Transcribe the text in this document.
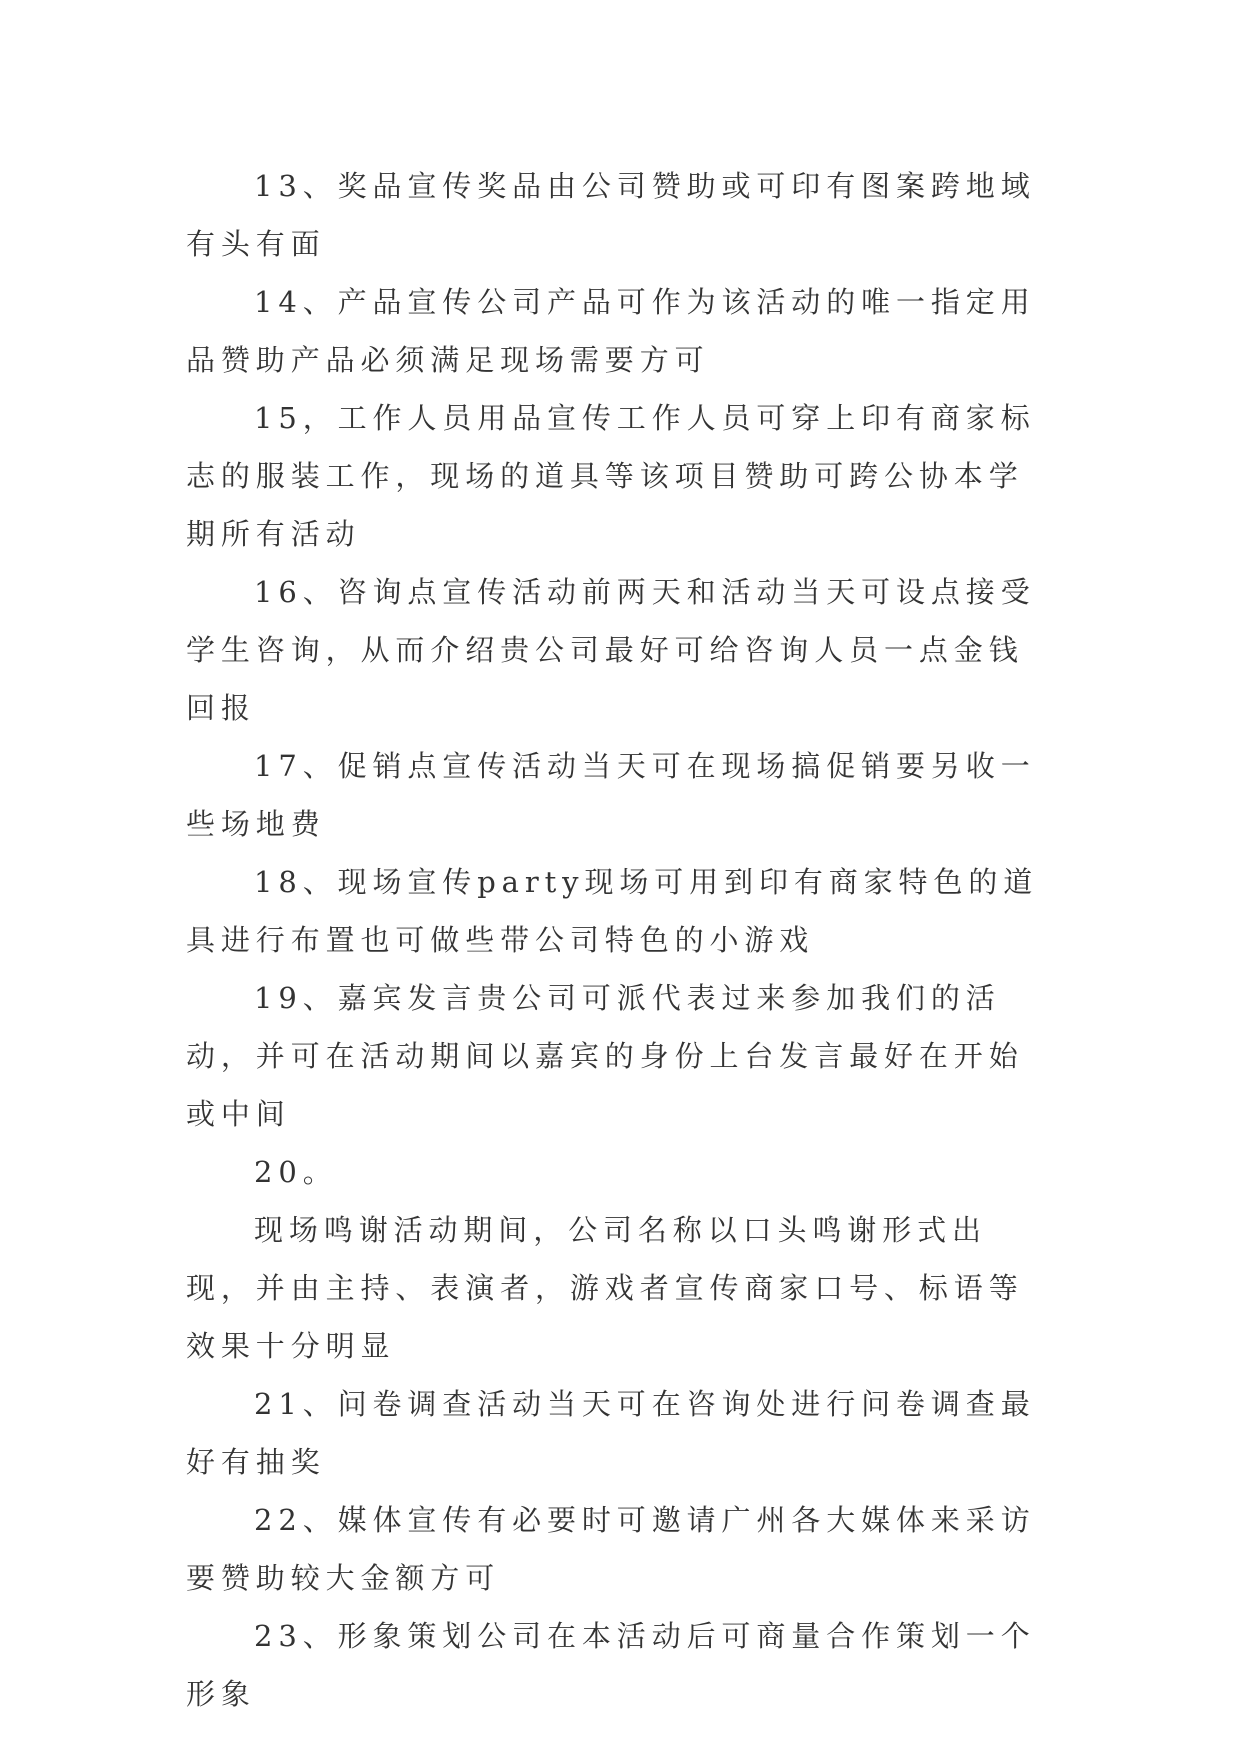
13、奖品宣传奖品由公司赞助或可印有图案跨地域有头有面

14、产品宣传公司产品可作为该活动的唯一指定用品赞助产品必须满足现场需要方可

15，工作人员用品宣传工作人员可穿上印有商家标志的服装工作，现场的道具等该项目赞助可跨公协本学期所有活动

16、咨询点宣传活动前两天和活动当天可设点接受学生咨询，从而介绍贵公司最好可给咨询人员一点金钱回报

17、促销点宣传活动当天可在现场搞促销要另收一些场地费

18、现场宣传party现场可用到印有商家特色的道具进行布置也可做些带公司特色的小游戏

19、嘉宾发言贵公司可派代表过来参加我们的活动，并可在活动期间以嘉宾的身份上台发言最好在开始或中间

20。

现场鸣谢活动期间，公司名称以口头鸣谢形式出现，并由主持、表演者，游戏者宣传商家口号、标语等效果十分明显

21、问卷调查活动当天可在咨询处进行问卷调查最好有抽奖

22、媒体宣传有必要时可邀请广州各大媒体来采访要赞助较大金额方可

23、形象策划公司在本活动后可商量合作策划一个形象
